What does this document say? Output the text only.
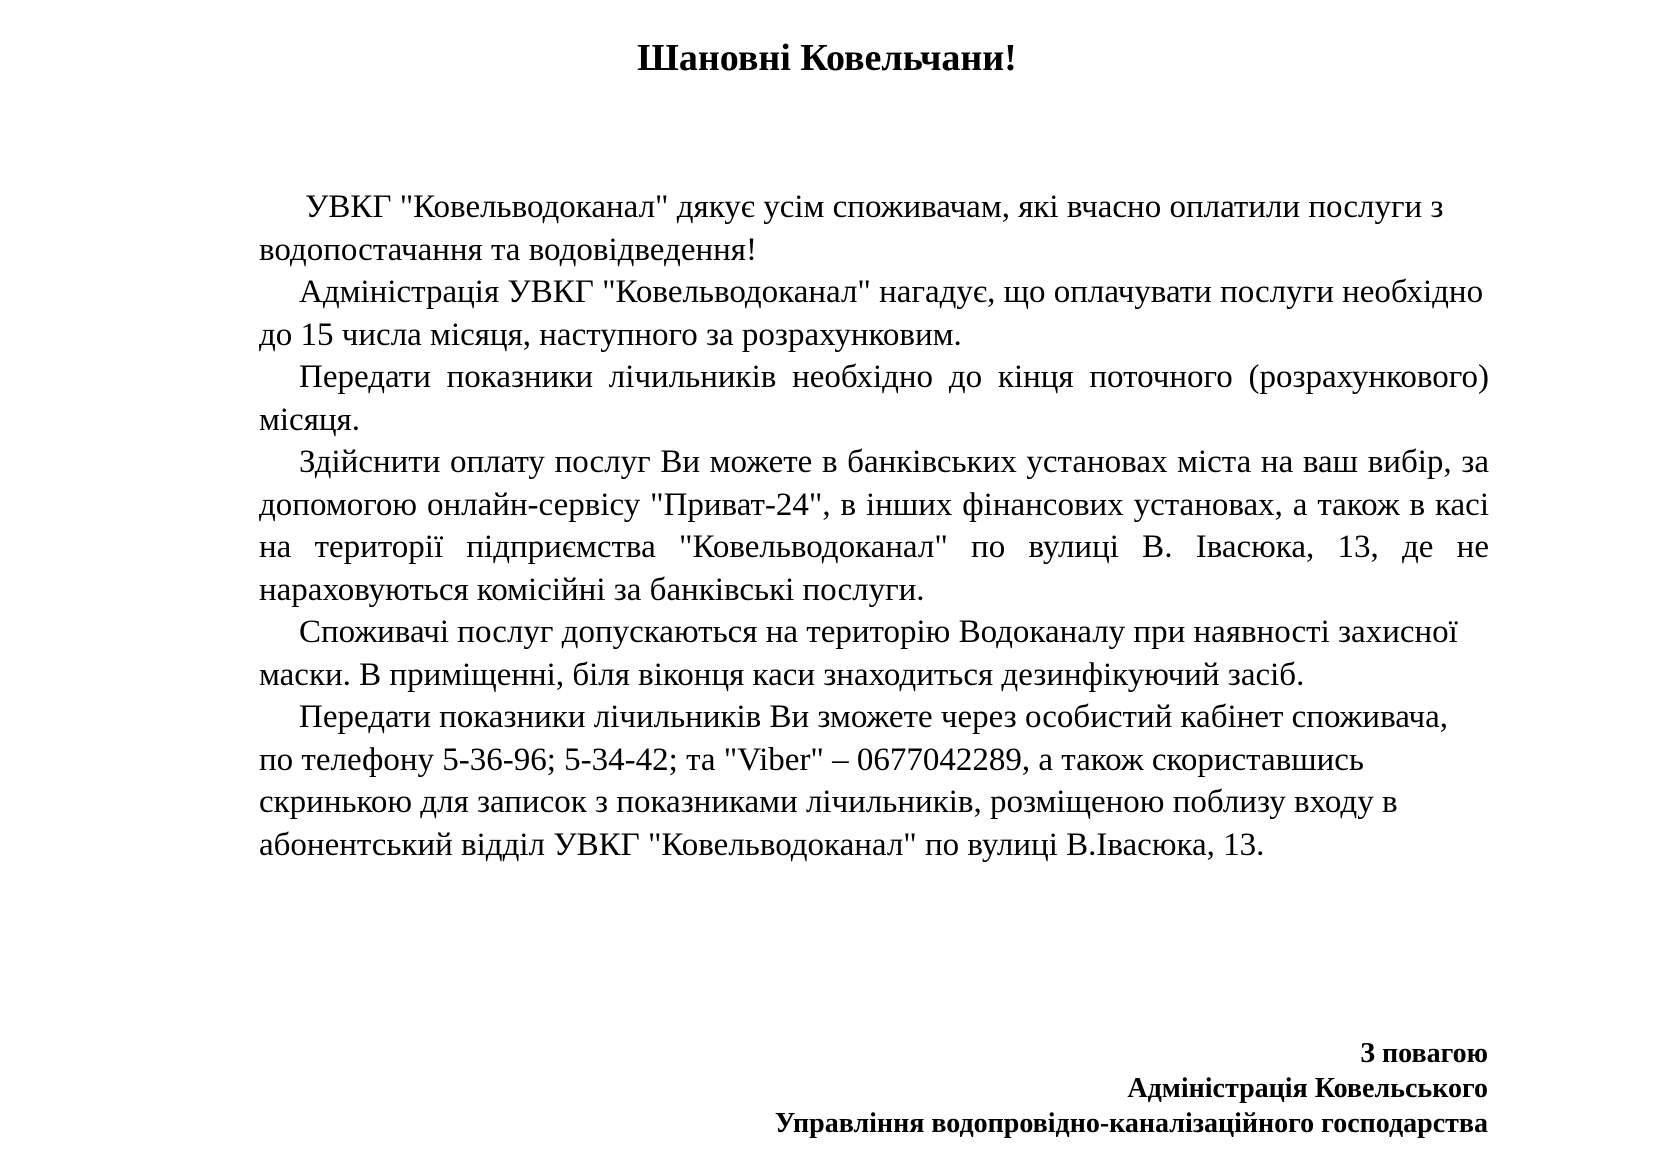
Шановні Ковельчани!

УВКГ "Ковельводоканал" дякує усім споживачам, які вчасно оплатили послуги з водопостачання та водовідведення!

Адміністрація УВКГ "Ковельводоканал" нагадує, що оплачувати послуги необхідно до 15 числа місяця, наступного за розрахунковим.

Передати показники лічильників необхідно до кінця поточного (розрахункового) місяця.

Здійснити оплату послуг Ви можете в банківських установах міста на ваш вибір, за допомогою онлайн-сервісу "Приват-24", в інших фінансових установах, а також в касі на території підприємства "Ковельводоканал" по вулиці В. Івасюка, 13, де не нараховуються комісійні за банківські послуги.

Споживачі послуг допускаються на територію Водоканалу при наявності захисної маски. В приміщенні, біля віконця каси знаходиться дезинфікуючий засіб.

Передати показники лічильників Ви зможете через особистий кабінет споживача, по телефону 5-36-96; 5-34-42; та "Viber" – 0677042289, а також скориставшись скринькою для записок з показниками лічильників, розміщеною поблизу входу в абонентський відділ УВКГ "Ковельводоканал" по вулиці В.Івасюка, 13.

З повагою
Адміністрація Ковельського
Управління водопровідно-каналізаційного господарства
